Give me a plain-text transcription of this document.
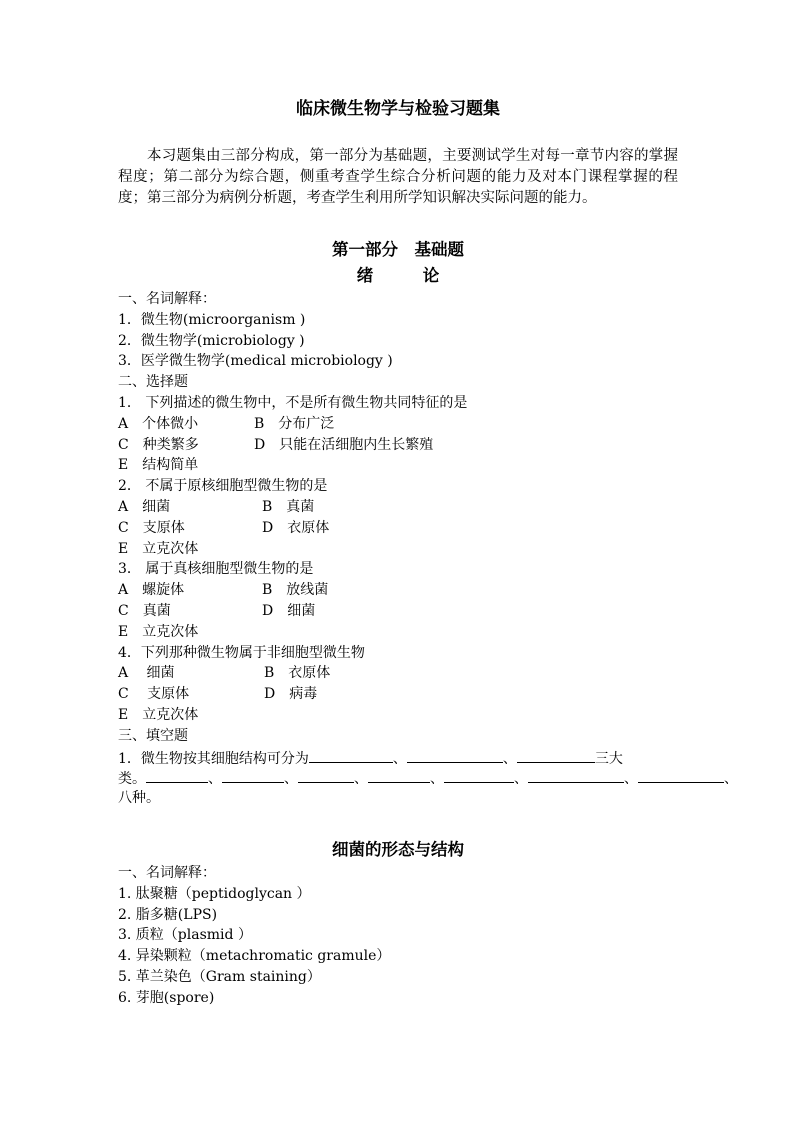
临床微生物学与检验习题集
本习题集由三部分构成，第一部分为基础题，主要测试学生对每一章节内容的掌握程度；第二部分为综合题，侧重考查学生综合分析问题的能力及对本门课程掌握的程度；第三部分为病例分析题，考查学生利用所学知识解决实际问题的能力。
第一部分　基础题
绪　　　论
一、名词解释：
1．微生物(microorganism )
2．微生物学(microbiology )
3．医学微生物学(medical microbiology )
二、选择题
1． 下列描述的微生物中，不是所有微生物共同特征的是
A　个体微小	B　分布广泛
C　种类繁多	D　只能在活细胞内生长繁殖
E　结构简单
2． 不属于原核细胞型微生物的是
A　细菌	B　真菌
C　支原体	D　衣原体
E　立克次体
3． 属于真核细胞型微生物的是
A　螺旋体	B　放线菌
C　真菌	D　细菌
E　立克次体
4．下列那种微生物属于非细胞型微生物
A　 细菌	B　衣原体
C　 支原体	D　病毒
E　立克次体
三、填空题
1．微生物按其细胞结构可分为	、	、	三大
类。	、	、	、	、	、	、	、
八种。
细菌的形态与结构
一、名词解释：
1. 肽聚糖（peptidoglycan ）
2. 脂多糖(LPS)
3. 质粒（plasmid ）
4. 异染颗粒（metachromatic gramule）
5. 革兰染色（Gram staining）
6. 芽胞(spore)
